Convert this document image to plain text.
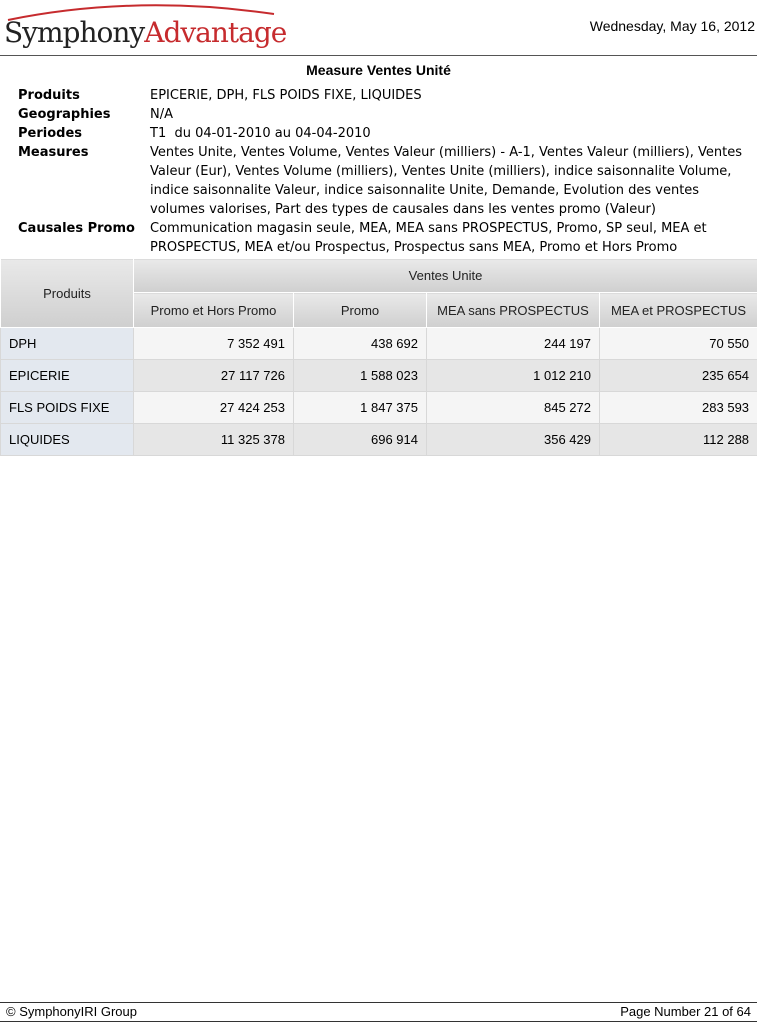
SymphonyAdvantage	Wednesday, May 16, 2012
Measure Ventes Unité
Produits	EPICERIE, DPH, FLS POIDS FIXE, LIQUIDES
Geographies	N/A
Periodes	T1  du 04-01-2010 au 04-04-2010
Measures	Ventes Unite, Ventes Volume, Ventes Valeur (milliers) - A-1, Ventes Valeur (milliers), Ventes Valeur (Eur), Ventes Volume (milliers), Ventes Unite (milliers), indice saisonnalite Volume, indice saisonnalite Valeur, indice saisonnalite Unite, Demande, Evolution des ventes volumes valorises, Part des types de causales dans les ventes promo (Valeur)
Causales Promo	Communication magasin seule, MEA, MEA sans PROSPECTUS, Promo, SP seul, MEA et PROSPECTUS, MEA et/ou Prospectus, Prospectus sans MEA, Promo et Hors Promo
Produits	Ventes Unite			
	Promo et Hors Promo	Promo	MEA sans PROSPECTUS	MEA et PROSPECTUS
DPH	7 352 491	438 692	244 197	70 550
EPICERIE	27 117 726	1 588 023	1 012 210	235 654
FLS POIDS FIXE	27 424 253	1 847 375	845 272	283 593
LIQUIDES	11 325 378	696 914	356 429	112 288
© SymphonyIRI Group	Page Number 21 of 64
